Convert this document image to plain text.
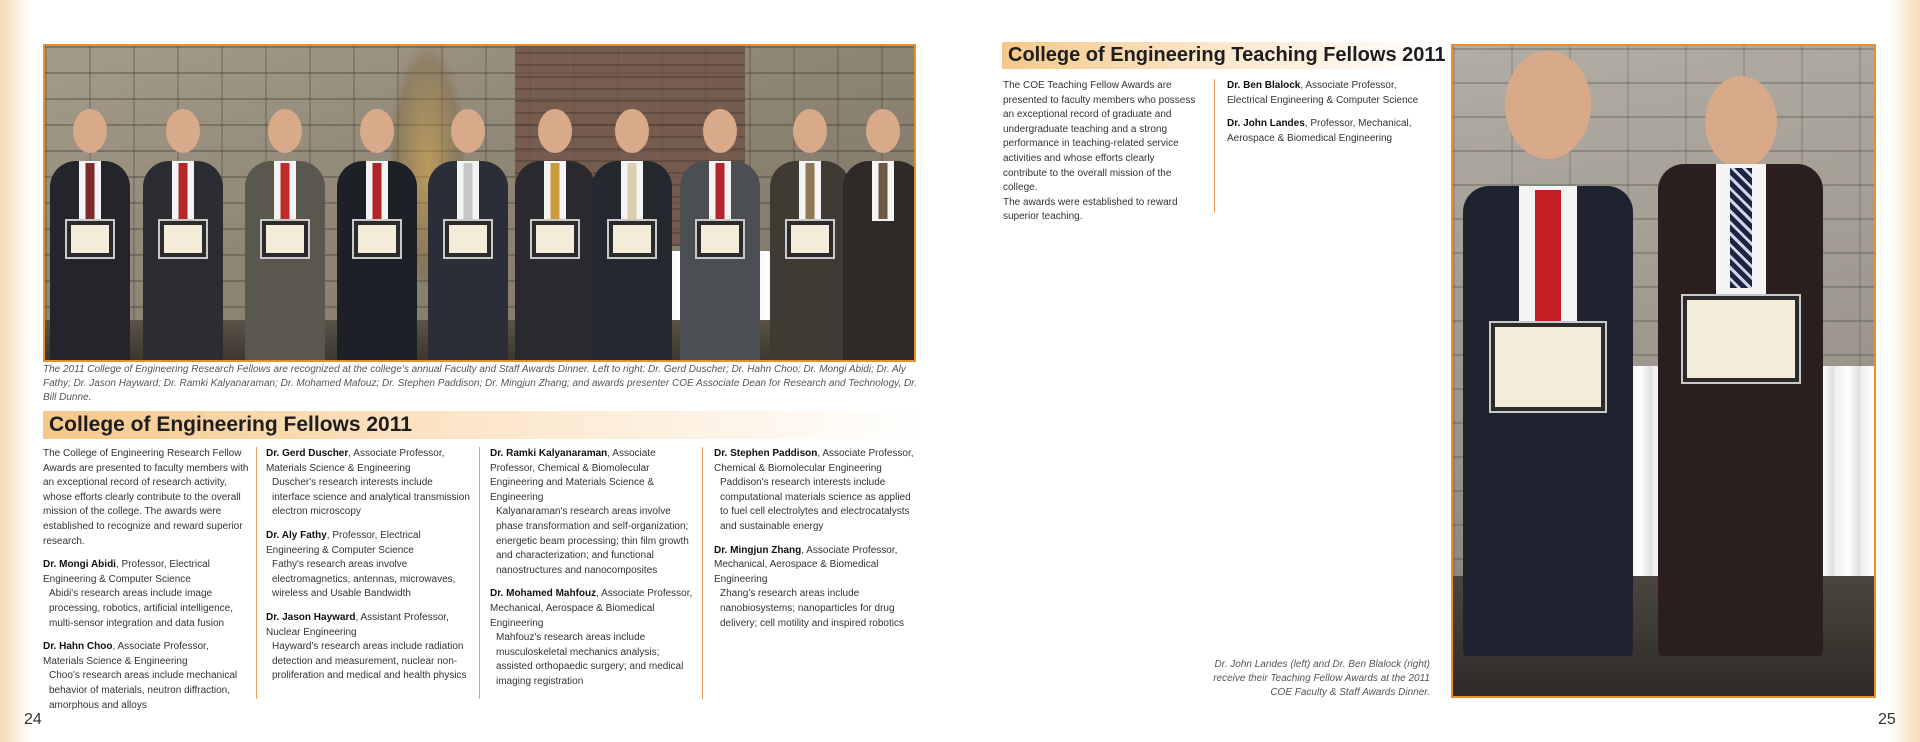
The 2011 College of Engineering Research Fellows are recognized at the college's annual Faculty and Staff Awards Dinner. Left to right: Dr. Gerd Duscher; Dr. Hahn Choo; Dr. Mongi Abidi; Dr. Aly Fathy; Dr. Jason Hayward; Dr. Ramki Kalyanaraman; Dr. Mohamed Mafouz; Dr. Stephen Paddison; Dr. Mingjun Zhang; and awards presenter COE Associate Dean for Research and Technology, Dr. Bill Dunne.
College of Engineering Fellows 2011

The College of Engineering Research Fellow Awards are presented to faculty members with an exceptional record of research activity, whose efforts clearly contribute to the overall mission of the college. The awards were established to recognize and reward superior research.

Dr. Mongi Abidi, Professor, Electrical Engineering & Computer Science
Abidi's research areas include image processing, robotics, artificial intelligence, multi-sensor integration and data fusion

Dr. Hahn Choo, Associate Professor, Materials Science & Engineering
Choo's research areas include mechanical behavior of materials, neutron diffraction, amorphous and alloys

Dr. Gerd Duscher, Associate Professor, Materials Science & Engineering
Duscher's research interests include interface science and analytical transmission electron microscopy

Dr. Aly Fathy, Professor, Electrical Engineering & Computer Science
Fathy's research areas involve electromagnetics, antennas, microwaves, wireless and Usable Bandwidth

Dr. Jason Hayward, Assistant Professor, Nuclear Engineering
Hayward's research areas include radiation detection and measurement, nuclear non-proliferation and medical and health physics

Dr. Ramki Kalyanaraman, Associate Professor, Chemical & Biomolecular Engineering and Materials Science & Engineering
Kalyanaraman's research areas involve phase transformation and self-organization; energetic beam processing; thin film growth and characterization; and functional nanostructures and nanocomposites

Dr. Mohamed Mahfouz, Associate Professor, Mechanical, Aerospace & Biomedical Engineering
Mahfouz's research areas include musculoskeletal mechanics analysis; assisted orthopaedic surgery; and medical imaging registration

Dr. Stephen Paddison, Associate Professor, Chemical & Biomolecular Engineering
Paddison's research interests include computational materials science as applied to fuel cell electrolytes and electrocatalysts and sustainable energy

Dr. Mingjun Zhang, Associate Professor, Mechanical, Aerospace & Biomedical Engineering
Zhang's research areas include nanobiosystems; nanoparticles for drug delivery; cell motility and inspired robotics

24
College of Engineering Teaching Fellows 2011

The COE Teaching Fellow Awards are presented to faculty members who possess an exceptional record of graduate and undergraduate teaching and a strong performance in teaching-related service activities and whose efforts clearly contribute to the overall mission of the college.

The awards were established to reward superior teaching.

Dr. Ben Blalock, Associate Professor, Electrical Engineering & Computer Science

Dr. John Landes, Professor, Mechanical, Aerospace & Biomedical Engineering

Dr. John Landes (left) and Dr. Ben Blalock (right) receive their Teaching Fellow Awards at the 2011 COE Faculty & Staff Awards Dinner.
25
